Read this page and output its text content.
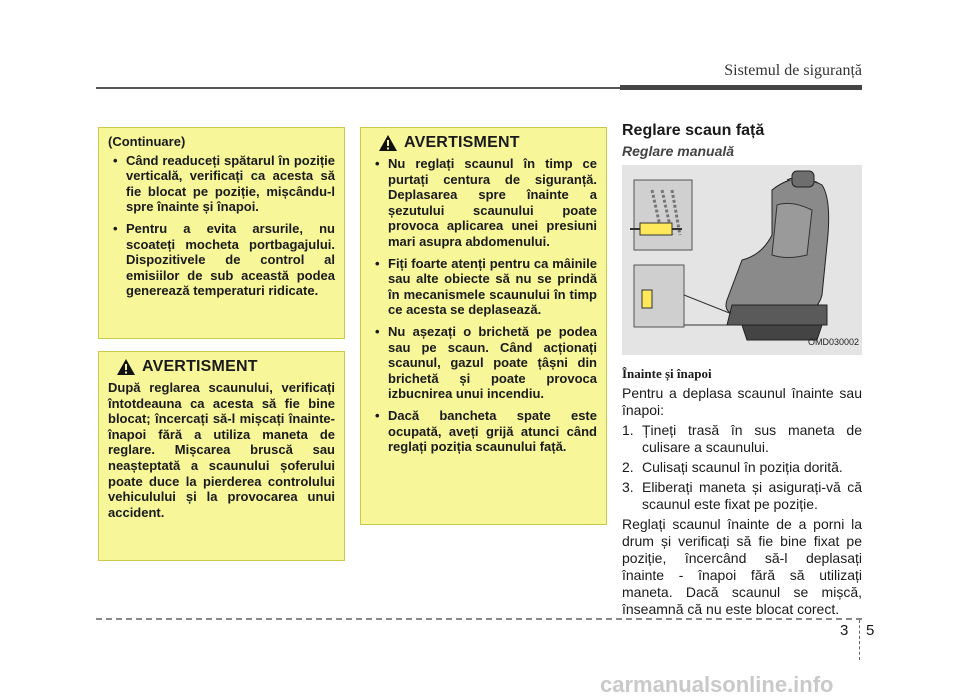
Sistemul de siguranță
(Continuare)
• Când readuceți spătarul în poziție verticală, verificați ca acesta să fie blocat pe poziție, mișcându-l spre înainte și înapoi.
• Pentru a evita arsurile, nu scoateți mocheta portbagajului. Dispozitivele de control al emisiilor de sub această podea generează temperaturi ridicate.
AVERTISMENT

După reglarea scaunului, verificați întotdeauna ca acesta să fie bine blocat; încercați să-l mișcați înainte-înapoi fără a utiliza maneta de reglare. Mișcarea bruscă sau neașteptată a scaunului șoferului poate duce la pierderea controlului vehiculului și la provocarea unui accident.

AVERTISMENT
• Nu reglați scaunul în timp ce purtați centura de siguranță. Deplasarea spre înainte a șezutului scaunului poate provoca aplicarea unei presiuni mari asupra abdomenului.
• Fiți foarte atenți pentru ca mâinile sau alte obiecte să nu se prindă în mecanismele scaunului în timp ce acesta se deplasează.
• Nu așezați o brichetă pe podea sau pe scaun. Când acționați scaunul, gazul poate țâșni din brichetă și poate provoca izbucnirea unui incendiu.
• Dacă bancheta spate este ocupată, aveți grijă atunci când reglați poziția scaunului față.
Reglare scaun față
Reglare manuală
OMD030002
Înainte și înapoi

Pentru a deplasa scaunul înainte sau înapoi:

1. Țineți trasă în sus maneta de culisare a scaunului.
2. Culisați scaunul în poziția dorită.
3. Eliberați maneta și asigurați-vă că scaunul este fixat pe poziție.

Reglați scaunul înainte de a porni la drum și verificați să fie bine fixat pe poziție, încercând să-l deplasați înainte - înapoi fără să utilizați maneta. Dacă scaunul se mișcă, înseamnă că nu este blocat corect.

3 5
carmanualsonline.info
